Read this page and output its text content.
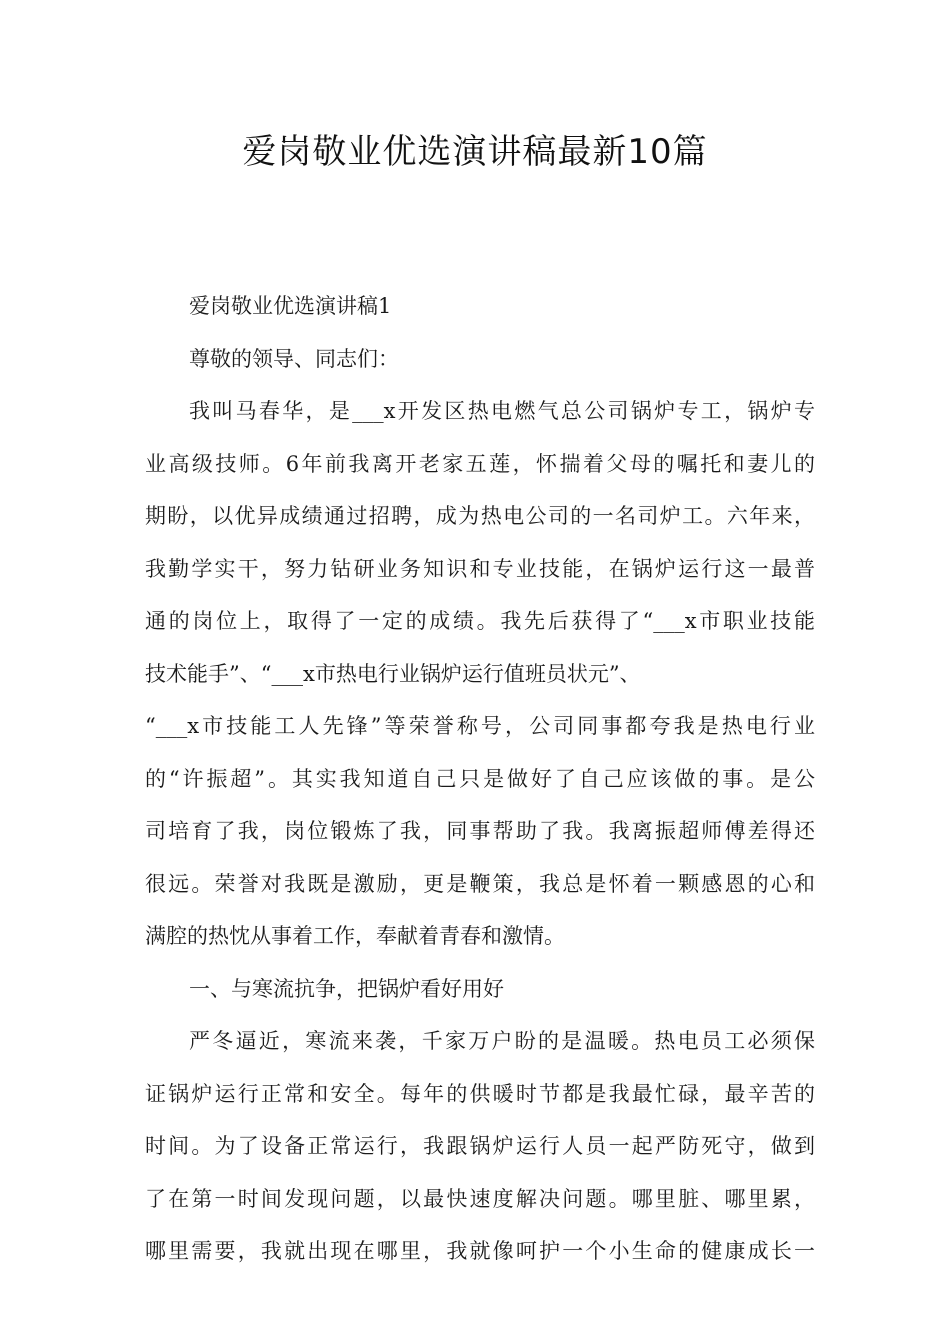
爱岗敬业优选演讲稿最新10篇
爱岗敬业优选演讲稿1
尊敬的领导、同志们：
我叫马春华，是___x开发区热电燃气总公司锅炉专工，锅炉专
业高级技师。6年前我离开老家五莲，怀揣着父母的嘱托和妻儿的
期盼，以优异成绩通过招聘，成为热电公司的一名司炉工。六年来，
我勤学实干，努力钻研业务知识和专业技能，在锅炉运行这一最普
通的岗位上，取得了一定的成绩。我先后获得了“___x市职业技能
技术能手”、“___x市热电行业锅炉运行值班员状元”、
“___x市技能工人先锋”等荣誉称号，公司同事都夸我是热电行业
的“许振超”。其实我知道自己只是做好了自己应该做的事。是公
司培育了我，岗位锻炼了我，同事帮助了我。我离振超师傅差得还
很远。荣誉对我既是激励，更是鞭策，我总是怀着一颗感恩的心和
满腔的热忱从事着工作，奉献着青春和激情。
一、与寒流抗争，把锅炉看好用好
严冬逼近，寒流来袭，千家万户盼的是温暖。热电员工必须保
证锅炉运行正常和安全。每年的供暖时节都是我最忙碌，最辛苦的
时间。为了设备正常运行，我跟锅炉运行人员一起严防死守，做到
了在第一时间发现问题，以最快速度解决问题。哪里脏、哪里累，
哪里需要，我就出现在哪里，我就像呵护一个小生命的健康成长一
